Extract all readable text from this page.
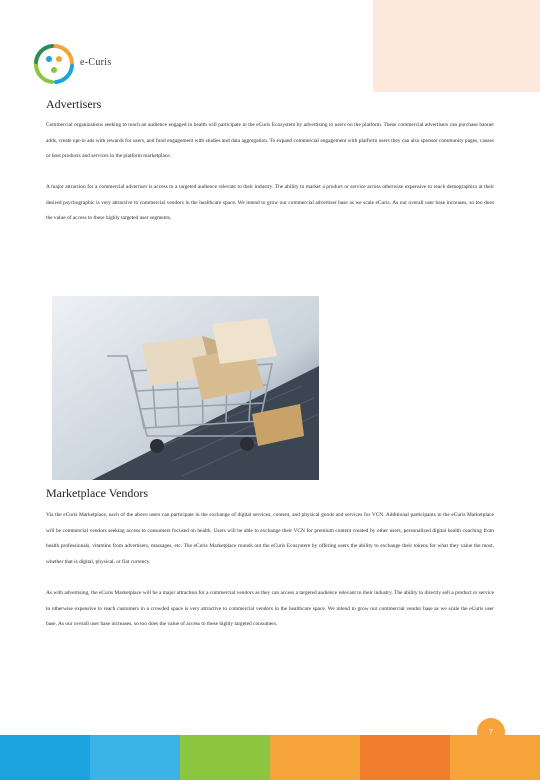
e-Curis
Advertisers

Commercial organizations seeking to reach an audience engaged in health will participate in the eCuris Ecosystem by advertising to users on the platform. These commercial advertisers can purchase banner adds, create opt-in ads with rewards for users, and fund engagement with studies and data aggregation. To expand commercial engagement with platform users they can also sponsor community pages, causes or host products and services in the platform marketplace.

A major attraction for a commercial advertiser is access to a targeted audience relevant to their industry. The ability to market a product or service across otherwise expensive to reach demographics at their desired psychographic is very attractive to commercial vendors in the healthcare space. We intend to grow our commercial advertiser base as we scale eCuris. As our overall user base increases, so too does the value of access to these highly targeted user segments.

Marketplace Vendors

Via the eCuris Marketplace, each of the above users can participate in the exchange of digital services, content, and physical goods and services for VCN. Additional participants in the eCuris Marketplace will be commercial vendors seeking access to consumers focused on health. Users will be able to exchange their VCN for premium content created by other users, personalized digital health coaching from health professionals, vitamins from advertisers, massages, etc. The eCuris Marketplace rounds out the eCuris Ecosystem by offering users the ability to exchange their tokens for what they value the most, whether that is digital, physical, or fiat currency.

As with advertising, the eCuris Marketplace will be a major attraction for a commercial vendors as they can access a targeted audience relevant to their industry. The ability to directly sell a product or service to otherwise expensive to reach customers in a crowded space is very attractive to commercial vendors in the healthcare space. We intend to grow our commercial vendor base as we scale the eCuris user base. As our overall user base increases, so too does the value of access to these highly targeted consumers.

7
